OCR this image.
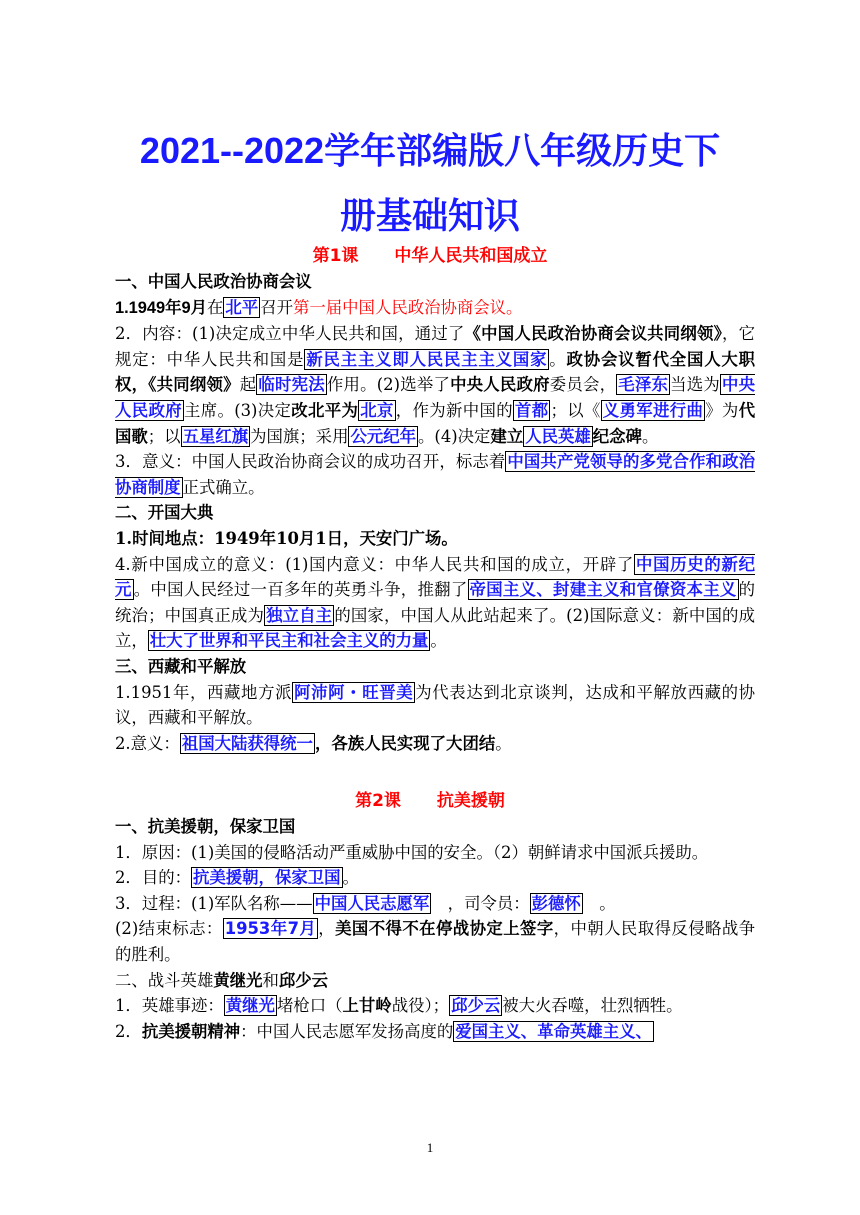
2021--2022学年部编版八年级历史下
册基础知识
第1课 中华人民共和国成立

一、中国人民政治协商会议

1.1949年9月在 北平 召开第一届中国人民政治协商会议。

2．内容：(1)决定成立中华人民共和国，通过了《中国人民政治协商会议共同纲领》，它规定：中华人民共和国是 新民主主义即人民民主主义国家 。政协会议暂代全国人大职权，《共同纲领》起 临时宪法 作用。(2)选举了中央人民政府委员会， 毛泽东 当选为 中央人民政府 主席。(3)决定改北平为 北京 ，作为新中国的 首都 ；以《 义勇军进行曲 》为代国歌；以 五星红旗 为国旗；采用 公元纪年 。(4)决定建立 人民英雄 纪念碑。

3．意义：中国人民政治协商会议的成功召开，标志着 中国共产党领导的多党合作和政治协商制度 正式确立。

二、开国大典

1.时间地点：1949年10月1日，天安门广场。

4.新中国成立的意义：(1)国内意义：中华人民共和国的成立，开辟了 中国历史的新纪元 。中国人民经过一百多年的英勇斗争，推翻了 帝国主义、封建主义和官僚资本主义 的统治；中国真正成为 独立自主 的国家，中国人从此站起来了。(2)国际意义：新中国的成立， 壮大了世界和平民主和社会主义的力量 。

三、西藏和平解放

1.1951年，西藏地方派 阿沛阿・旺晋美 为代表达到北京谈判，达成和平解放西藏的协议，西藏和平解放。

2.意义： 祖国大陆获得统一 ，各族人民实现了大团结。

第2课 抗美援朝

一、抗美援朝，保家卫国

1．原因：(1)美国的侵略活动严重威胁中国的安全。（2）朝鲜请求中国派兵援助。

2．目的： 抗美援朝，保家卫国 。

3．过程：(1)军队名称—— 中国人民志愿军　，司令员： 彭德怀　。

(2)结束标志： 1953年7月 ，美国不得不在停战协定上签字，中朝人民取得反侵略战争的胜利。

二、战斗英雄黄继光和邱少云

1．英雄事迹： 黄继光 堵枪口（上甘岭战役）； 邱少云 被大火吞噬，壮烈牺牲。

2．抗美援朝精神：中国人民志愿军发扬高度的 爱国主义、革命英雄主义、

1
